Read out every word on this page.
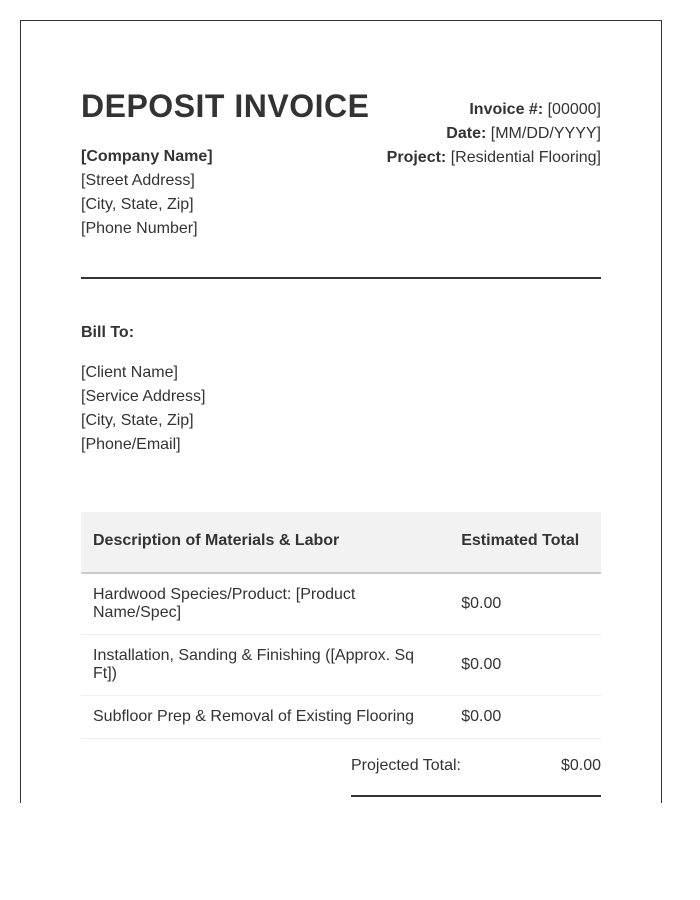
DEPOSIT INVOICE	Invoice #: [00000]
Date: [MM/DD/YYYY]
Project: [Residential Flooring]
[Company Name]
[Street Address]
[City, State, Zip]
[Phone Number]
Bill To:
[Client Name]
[Service Address]
[City, State, Zip]
[Phone/Email]
Description of Materials & Labor	Estimated Total
Hardwood Species/Product: [Product Name/Spec]	$0.00
Installation, Sanding & Finishing ([Approx. Sq Ft])	$0.00
Subfloor Prep & Removal of Existing Flooring	$0.00
Projected Total:	$0.00
